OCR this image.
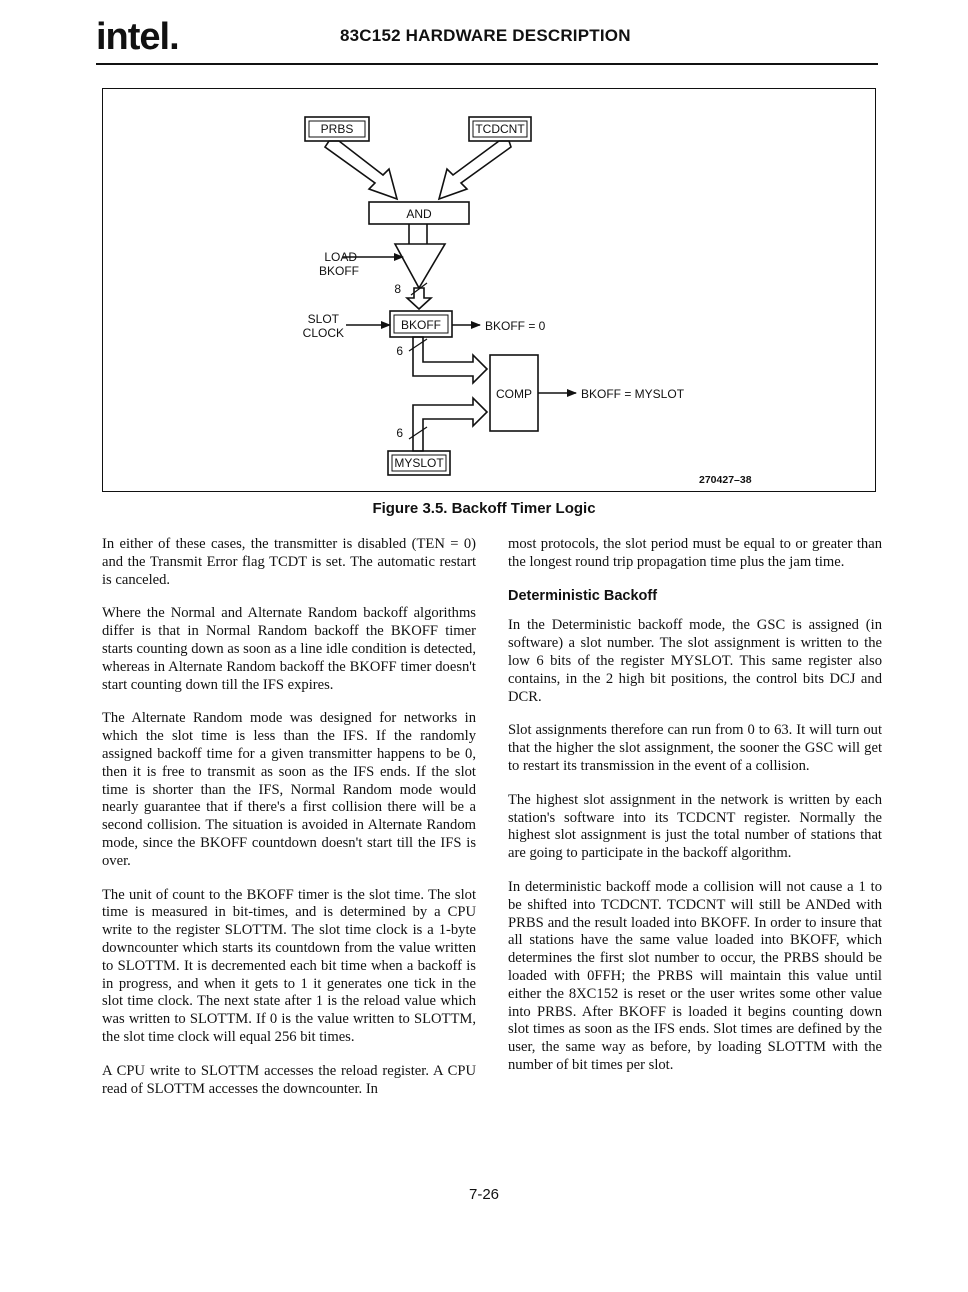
intel.	83C152 HARDWARE DESCRIPTION
PRBS	TCDCNT
AND
BKOFF
COMP
MYSLOT
LOAD
BKOFF
SLOT
CLOCK
8
6
6
BKOFF = 0
BKOFF = MYSLOT
270427–38
Figure 3.5. Backoff Timer Logic

In either of these cases, the transmitter is disabled (TEN = 0) and the Transmit Error flag TCDT is set. The automatic restart is canceled.

Where the Normal and Alternate Random backoff algorithms differ is that in Normal Random backoff the BKOFF timer starts counting down as soon as a line idle condition is detected, whereas in Alternate Random backoff the BKOFF timer doesn't start counting down till the IFS expires.

The Alternate Random mode was designed for networks in which the slot time is less than the IFS. If the randomly assigned backoff time for a given transmitter happens to be 0, then it is free to transmit as soon as the IFS ends. If the slot time is shorter than the IFS, Normal Random mode would nearly guarantee that if there's a first collision there will be a second collision. The situation is avoided in Alternate Random mode, since the BKOFF countdown doesn't start till the IFS is over.

The unit of count to the BKOFF timer is the slot time. The slot time is measured in bit-times, and is determined by a CPU write to the register SLOTTM. The slot time clock is a 1-byte downcounter which starts its countdown from the value written to SLOTTM. It is decremented each bit time when a backoff is in progress, and when it gets to 1 it generates one tick in the slot time clock. The next state after 1 is the reload value which was written to SLOTTM. If 0 is the value written to SLOTTM, the slot time clock will equal 256 bit times.

A CPU write to SLOTTM accesses the reload register. A CPU read of SLOTTM accesses the downcounter. In

most protocols, the slot period must be equal to or greater than the longest round trip propagation time plus the jam time.

Deterministic Backoff

In the Deterministic backoff mode, the GSC is assigned (in software) a slot number. The slot assignment is written to the low 6 bits of the register MYSLOT. This same register also contains, in the 2 high bit positions, the control bits DCJ and DCR.

Slot assignments therefore can run from 0 to 63. It will turn out that the higher the slot assignment, the sooner the GSC will get to restart its transmission in the event of a collision.

The highest slot assignment in the network is written by each station's software into its TCDCNT register. Normally the highest slot assignment is just the total number of stations that are going to participate in the backoff algorithm.

In deterministic backoff mode a collision will not cause a 1 to be shifted into TCDCNT. TCDCNT will still be ANDed with PRBS and the result loaded into BKOFF. In order to insure that all stations have the same value loaded into BKOFF, which determines the first slot number to occur, the PRBS should be loaded with 0FFH; the PRBS will maintain this value until either the 8XC152 is reset or the user writes some other value into PRBS. After BKOFF is loaded it begins counting down slot times as soon as the IFS ends. Slot times are defined by the user, the same way as before, by loading SLOTTM with the number of bit times per slot.

7-26
